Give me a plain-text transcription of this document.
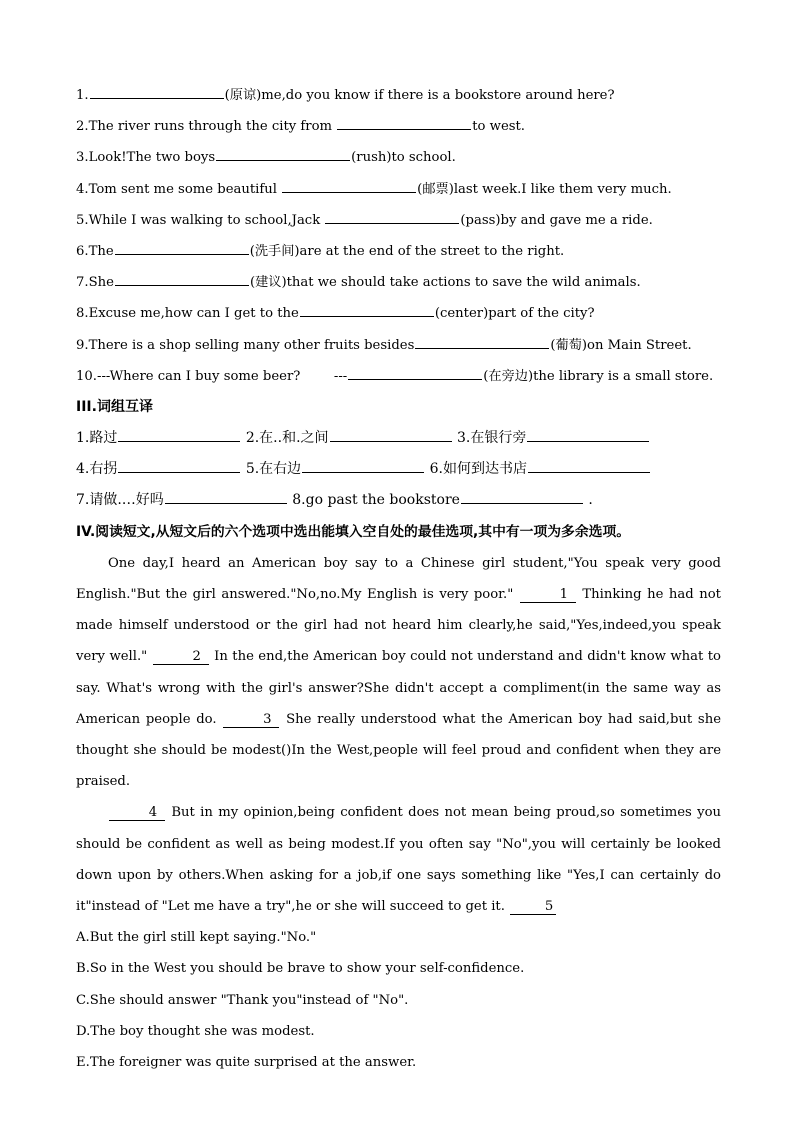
1.	(原谅)me,do you know if there is a bookstore around here?
2.The river runs through the city from	to west.
3.Look!The two boys	(rush)to school.
4.Tom sent me some beautiful	(邮票)last week.I like them very much.
5.While I was walking to school,Jack	(pass)by and gave me a ride.
6.The	(洗手间)are at the end of the street to the right.
7.She	(建议)that we should take actions to save the wild animals.
8.Excuse me,how can I get to the	(center)part of the city?
9.There is a shop selling many other fruits besides	(葡萄)on Main Street.
10.---Where can I buy some beer?        ---	(在旁边)the library is a small store.
III.词组互译
1.路过	2.在..和.之间	3.在银行旁
4.右拐	5.在右边	6.如何到达书店
7.请做.…好吗	8.go past the bookstore	.
IV.阅读短文,从短文后的六个选项中选出能填入空自处的最佳选项,其中有一项为多余选项。
One day,I heard an American boy say to a Chinese girl student,"You speak very good English."But the girl answered."No,no.My English is very poor."	1 Thinking he had not made himself understood or the girl had not heard him clearly,he said,"Yes,indeed,you speak very well."	2 In the end,the American boy could not understand and didn't know what to say. What's wrong with the girl's answer?She didn't accept a compliment(in the same way as American people do.	3 She really understood what the American boy had said,but she thought she should be modest()In the West,people will feel proud and confident when they are praised.
4 But in my opinion,being confident does not mean being proud,so sometimes you should be confident as well as being modest.If you often say "No",you will certainly be looked down upon by others.When asking for a job,if one says something like "Yes,I can certainly do it"instead of "Let me have a try",he or she will succeed to get it.	5
A.But the girl still kept saying."No."
B.So in the West you should be brave to show your self-confidence.
C.She should answer "Thank you"instead of "No".
D.The boy thought she was modest.
E.The foreigner was quite surprised at the answer.
